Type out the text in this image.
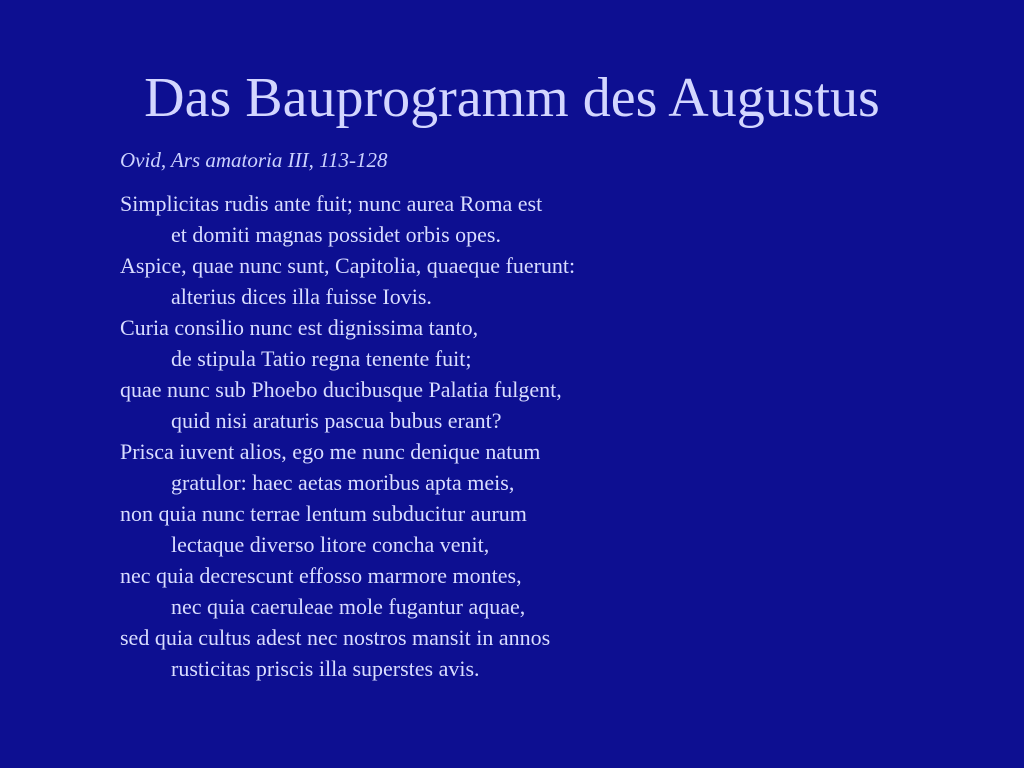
Das Bauprogramm des Augustus
Ovid, Ars amatoria III, 113-128
Simplicitas rudis ante fuit; nunc aurea Roma est
et domiti magnas possidet orbis opes.
Aspice, quae nunc sunt, Capitolia, quaeque fuerunt:
alterius dices illa fuisse Iovis.
Curia consilio nunc est dignissima tanto,
de stipula Tatio regna tenente fuit;
quae nunc sub Phoebo ducibusque Palatia fulgent,
quid nisi araturis pascua bubus erant?
Prisca iuvent alios, ego me nunc denique natum
gratulor: haec aetas moribus apta meis,
non quia nunc terrae lentum subducitur aurum
lectaque diverso litore concha venit,
nec quia decrescunt effosso marmore montes,
nec quia caeruleae mole fugantur aquae,
sed quia cultus adest nec nostros mansit in annos
rusticitas priscis illa superstes avis.
